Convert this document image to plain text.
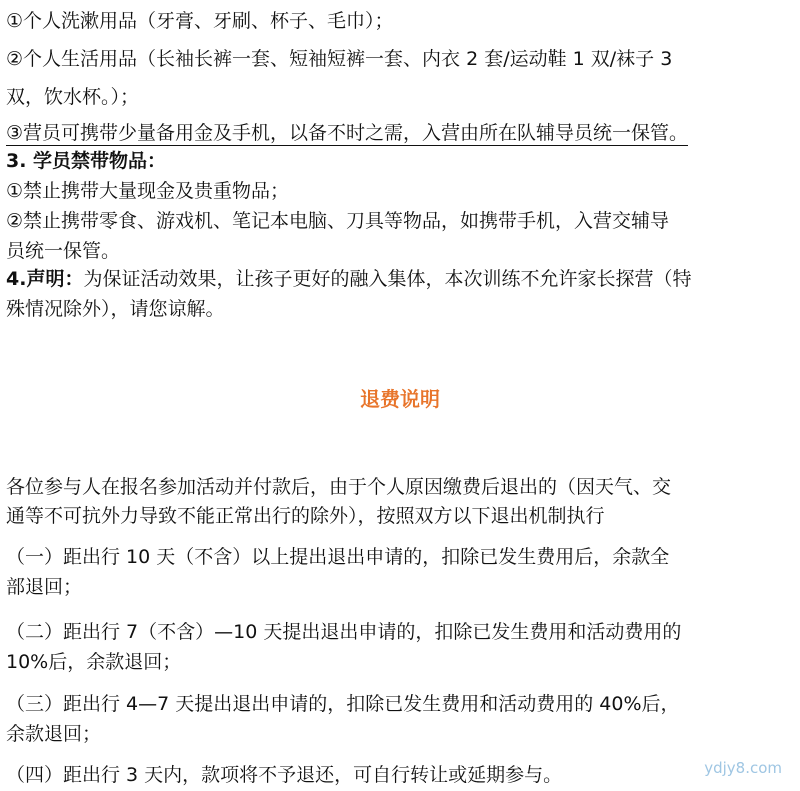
①个人洗漱用品（牙膏、牙刷、杯子、毛巾）；
②个人生活用品（长袖长裤一套、短袖短裤一套、内衣 2 套/运动鞋 1 双/袜子 3
双，饮水杯。）；
③营员可携带少量备用金及手机，以备不时之需，入营由所在队辅导员统一保管。
3. 学员禁带物品：
①禁止携带大量现金及贵重物品；
②禁止携带零食、游戏机、笔记本电脑、刀具等物品，如携带手机，入营交辅导
员统一保管。
4.声明：为保证活动效果，让孩子更好的融入集体，本次训练不允许家长探营（特
殊情况除外），请您谅解。
退费说明
各位参与人在报名参加活动并付款后，由于个人原因缴费后退出的（因天气、交
通等不可抗外力导致不能正常出行的除外），按照双方以下退出机制执行
（一）距出行 10 天（不含）以上提出退出申请的，扣除已发生费用后，余款全
部退回；
（二）距出行 7（不含）—10 天提出退出申请的，扣除已发生费用和活动费用的
10%后，余款退回；
（三）距出行 4—7 天提出退出申请的，扣除已发生费用和活动费用的 40%后，
余款退回；
（四）距出行 3 天内，款项将不予退还，可自行转让或延期参与。	ydjy8.com
